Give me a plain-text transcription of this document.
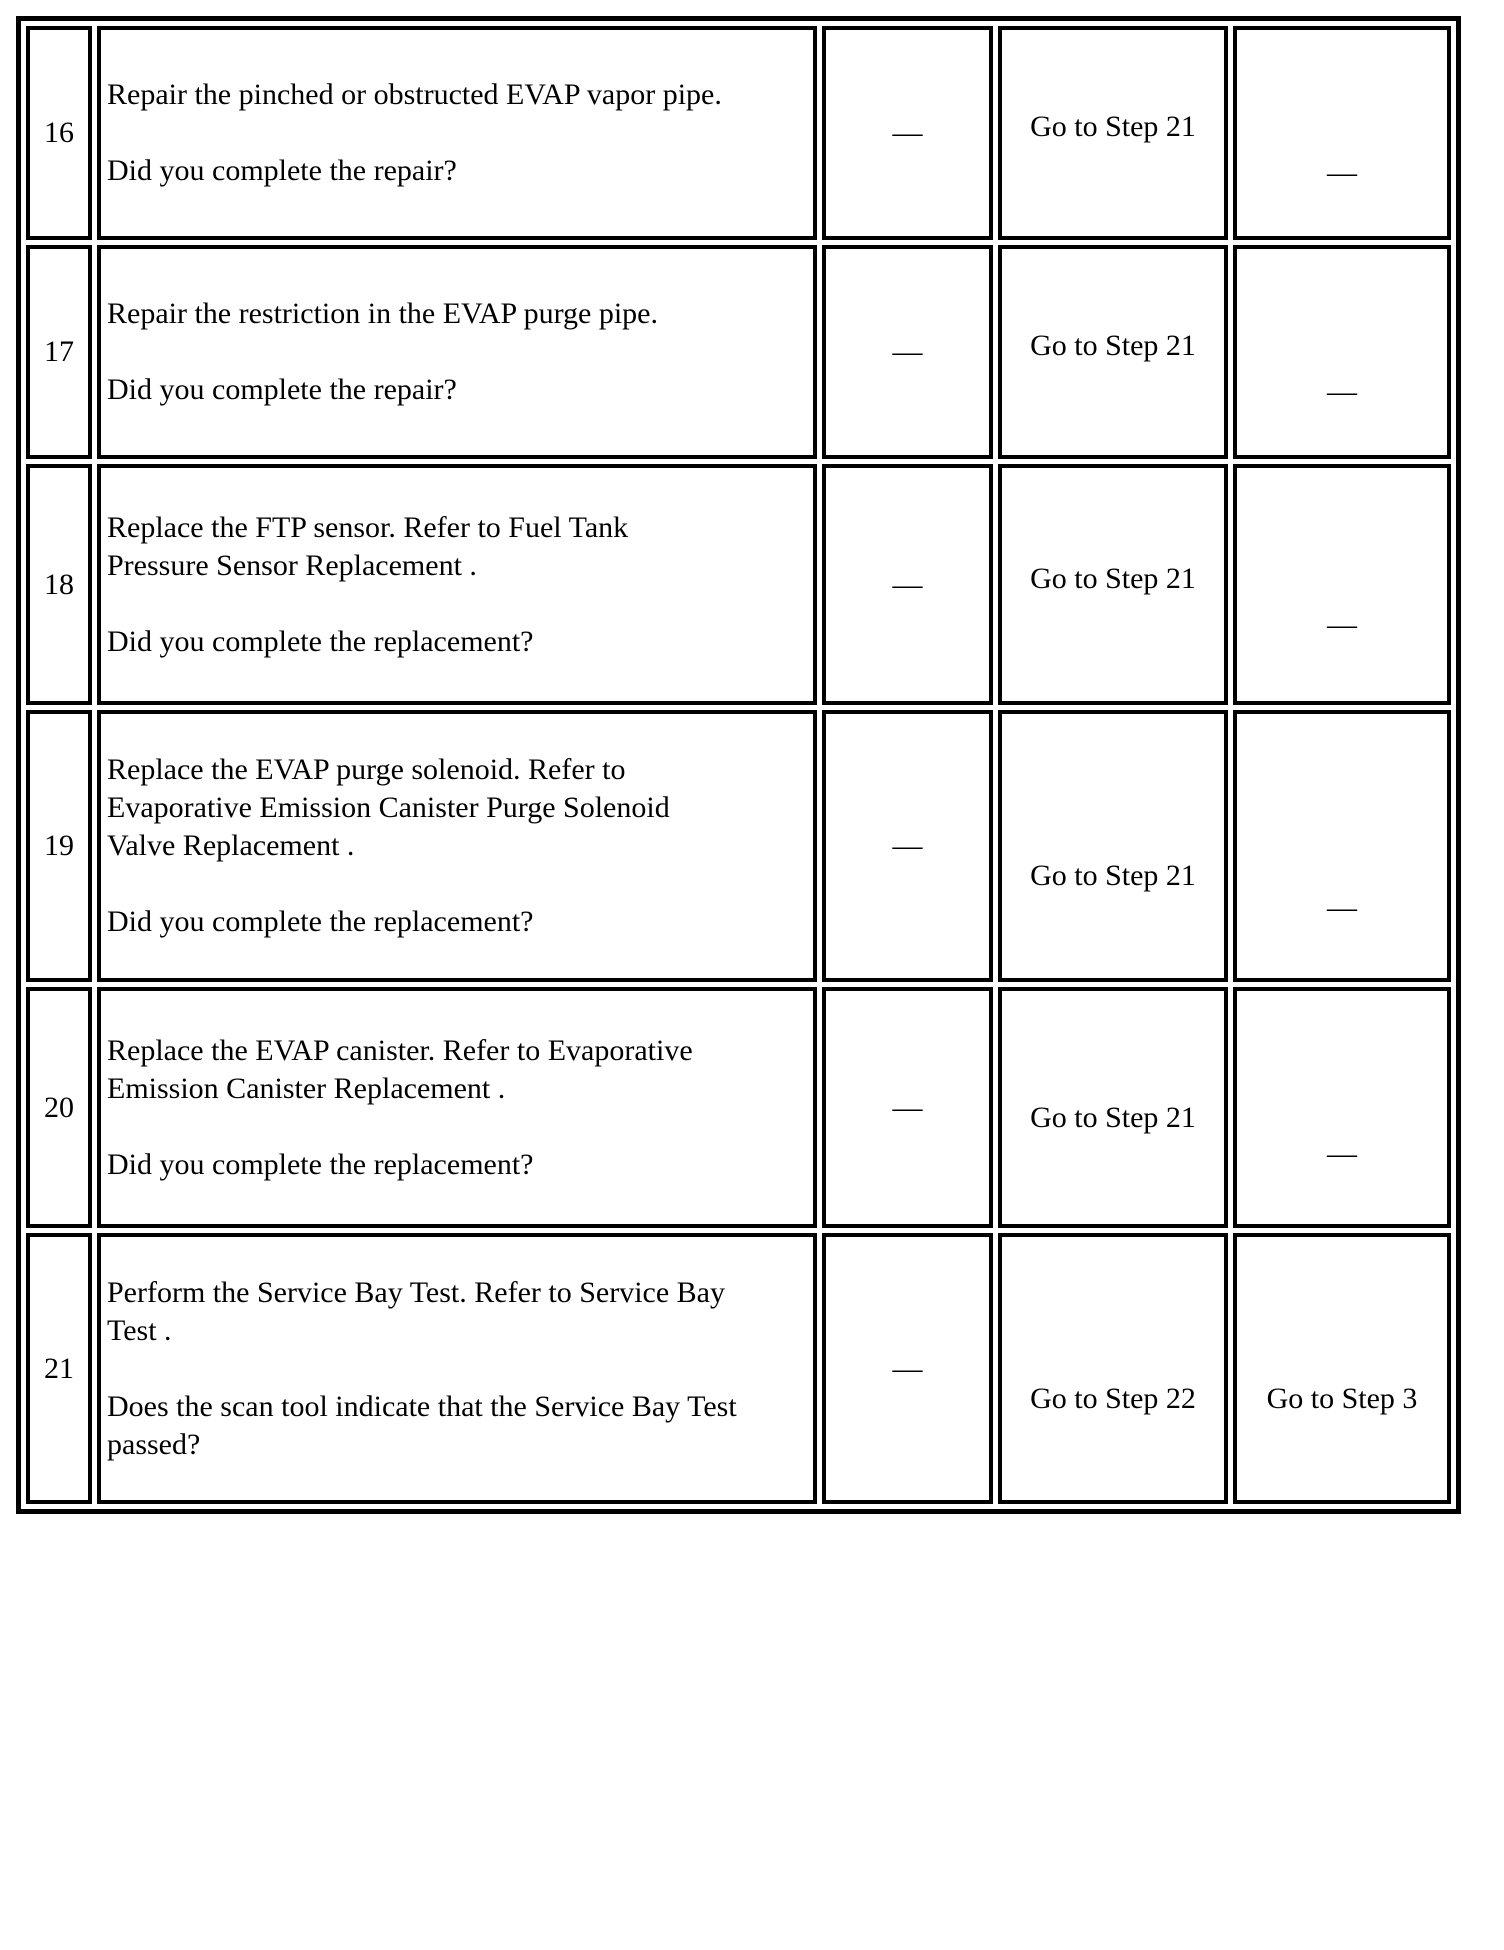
16	Repair the pinched or obstructed EVAP vapor pipe.

Did you complete the repair?	—	Go to Step 21	—
17	Repair the restriction in the EVAP purge pipe.

Did you complete the repair?	—	Go to Step 21	—
18	Replace the FTP sensor. Refer to Fuel Tank

Pressure Sensor Replacement .

Did you complete the replacement?	—	Go to Step 21	—
19	Replace the EVAP purge solenoid. Refer to

Evaporative Emission Canister Purge Solenoid

Valve Replacement .

Did you complete the replacement?	—	Go to Step 21	—
20	Replace the EVAP canister. Refer to Evaporative

Emission Canister Replacement .

Did you complete the replacement?	—	Go to Step 21	—
21	Perform the Service Bay Test. Refer to Service Bay

Test .

Does the scan tool indicate that the Service Bay Test passed?	—	Go to Step 22	Go to Step 3
